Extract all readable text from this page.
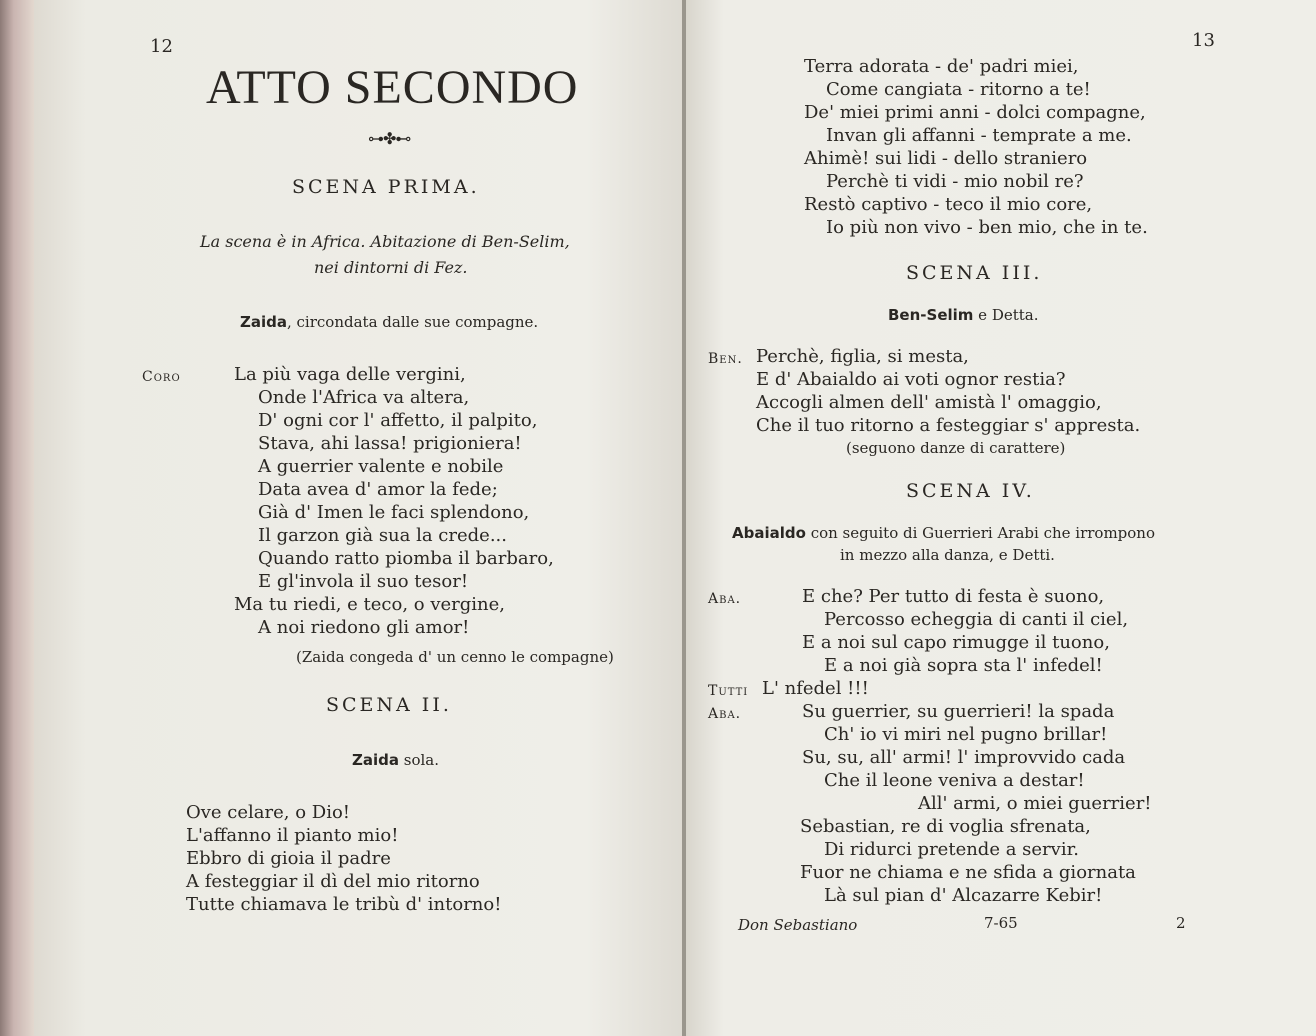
12
ATTO SECONDO
⊶✤⊷
SCENA PRIMA.
La scena è in Africa. Abitazione di Ben-Selim,
nei dintorni di Fez.
Zaida, circondata dalle sue compagne.
Coro	La più vaga delle vergini,
Onde l'Africa va altera,
D' ogni cor l' affetto, il palpito,
Stava, ahi lassa! prigioniera!
A guerrier valente e nobile
Data avea d' amor la fede;
Già d' Imen le faci splendono,
Il garzon già sua la crede...
Quando ratto piomba il barbaro,
E gl'invola il suo tesor!
Ma tu riedi, e teco, o vergine,
A noi riedono gli amor!
(Zaida congeda d' un cenno le compagne)
SCENA II.
Zaida sola.
Ove celare, o Dio!
L'affanno il pianto mio!
Ebbro di gioia il padre
A festeggiar il dì del mio ritorno
Tutte chiamava le tribù d' intorno!
13
Terra adorata - de' padri miei,
Come cangiata - ritorno a te!
De' miei primi anni - dolci compagne,
Invan gli affanni - temprate a me.
Ahimè! sui lidi - dello straniero
Perchè ti vidi - mio nobil re?
Restò captivo - teco il mio core,
Io più non vivo - ben mio, che in te.
SCENA III.
Ben-Selim e Detta.
Ben. Perchè, figlia, si mesta,
E d' Abaialdo ai voti ognor restia?
Accogli almen dell' amistà l' omaggio,
Che il tuo ritorno a festeggiar s' appresta.
(seguono danze di carattere)
SCENA IV.
Abaialdo con seguito di Guerrieri Arabi che irrompono
in mezzo alla danza, e Detti.
Aba.	E che? Per tutto di festa è suono,
Percosso echeggia di canti il ciel,
E a noi sul capo rimugge il tuono,
E a noi già sopra sta l' infedel!
Tutti L' nfedel !!!
Aba.	Su guerrier, su guerrieri! la spada
Ch' io vi miri nel pugno brillar!
Su, su, all' armi! l' improvvido cada
Che il leone veniva a destar!
All' armi, o miei guerrier!
Sebastian, re di voglia sfrenata,
Di ridurci pretende a servir.
Fuor ne chiama e ne sfida a giornata
Là sul pian d' Alcazarre Kebir!
Don Sebastiano	7-65	2
